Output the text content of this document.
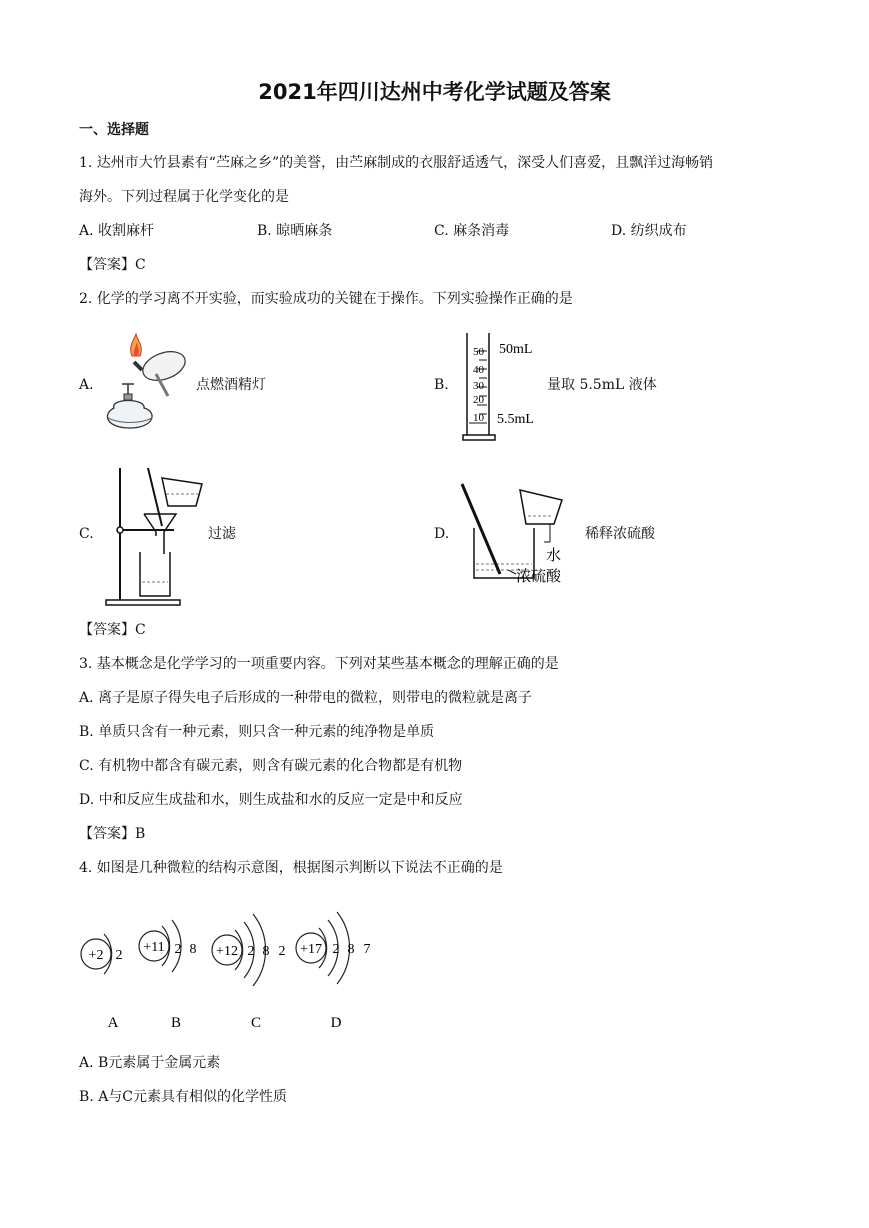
2021年四川达州中考化学试题及答案
一、选择题
1. 达州市大竹县素有“苎麻之乡”的美誉，由苎麻制成的衣服舒适透气，深受人们喜爱，且飘洋过海畅销
海外。下列过程属于化学变化的是
A. 收割麻杆	B. 晾晒麻条	C. 麻条消毒	D. 纺织成布
【答案】C
2. 化学的学习离不开实验，而实验成功的关键在于操作。下列实验操作正确的是
A.	点燃酒精灯	B.
50
40
30
20
10
50mL
5.5mL
量取 5.5mL 液体
C.	过滤	D.
水
浓硫酸
稀释浓硫酸
【答案】C
3. 基本概念是化学学习的一项重要内容。下列对某些基本概念的理解正确的是
A. 离子是原子得失电子后形成的一种带电的微粒，则带电的微粒就是离子
B. 单质只含有一种元素，则只含一种元素的纯净物是单质
C. 有机物中都含有碳元素，则含有碳元素的化合物都是有机物
D. 中和反应生成盐和水，则生成盐和水的反应一定是中和反应
【答案】B
4. 如图是几种微粒的结构示意图，根据图示判断以下说法不正确的是
+2 2
+11 2 8 +12 2 8 2 +17 2 8 7
A	B	C	D
A. B元素属于金属元素
B. A与C元素具有相似的化学性质
